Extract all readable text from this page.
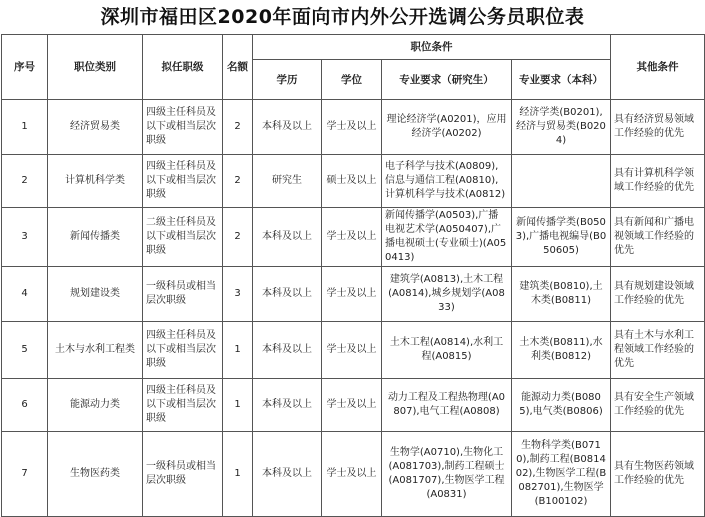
深圳市福田区2020年面向市内外公开选调公务员职位表
序号	职位类别	拟任职级	名额	职位条件				其他条件
				学历	学位	专业要求（研究生）	专业要求（本科）	
1	经济贸易类	四级主任科员及以下或相当层次职级	2	本科及以上	学士及以上	理论经济学(A0201)，应用经济学(A0202)	经济学类(B0201),经济与贸易类(B0204)	具有经济贸易领域工作经验的优先
2	计算机科学类	四级主任科员及以下或相当层次职级	2	研究生	硕士及以上	电子科学与技术(A0809),信息与通信工程(A0810),计算机科学与技术(A0812)		具有计算机科学领域工作经验的优先
3	新闻传播类	二级主任科员及以下或相当层次职级	2	本科及以上	学士及以上	新闻传播学(A0503),广播电视艺术学(A050407),广播电视硕士(专业硕士)(A050413)	新闻传播学类(B0503),广播电视编导(B050605)	具有新闻和广播电视领域工作经验的优先
4	规划建设类	一级科员或相当层次职级	3	本科及以上	学士及以上	建筑学(A0813),土木工程(A0814),城乡规划学(A0833)	建筑类(B0810),土木类(B0811)	具有规划建设领域工作经验的优先
5	土木与水利工程类	四级主任科员及以下或相当层次职级	1	本科及以上	学士及以上	土木工程(A0814),水利工程(A0815)	土木类(B0811),水利类(B0812)	具有土木与水利工程领域工作经验的优先
6	能源动力类	四级主任科员及以下或相当层次职级	1	本科及以上	学士及以上	动力工程及工程热物理(A0807),电气工程(A0808)	能源动力类(B0805),电气类(B0806)	具有安全生产领域工作经验的优先
7	生物医药类	一级科员或相当层次职级	1	本科及以上	学士及以上	生物学(A0710),生物化工(A081703),制药工程硕士(A081707),生物医学工程(A0831)	生物科学类(B0710),制药工程(B081402),生物医学工程(B082701),生物医学(B100102)	具有生物医药领域工作经验的优先
